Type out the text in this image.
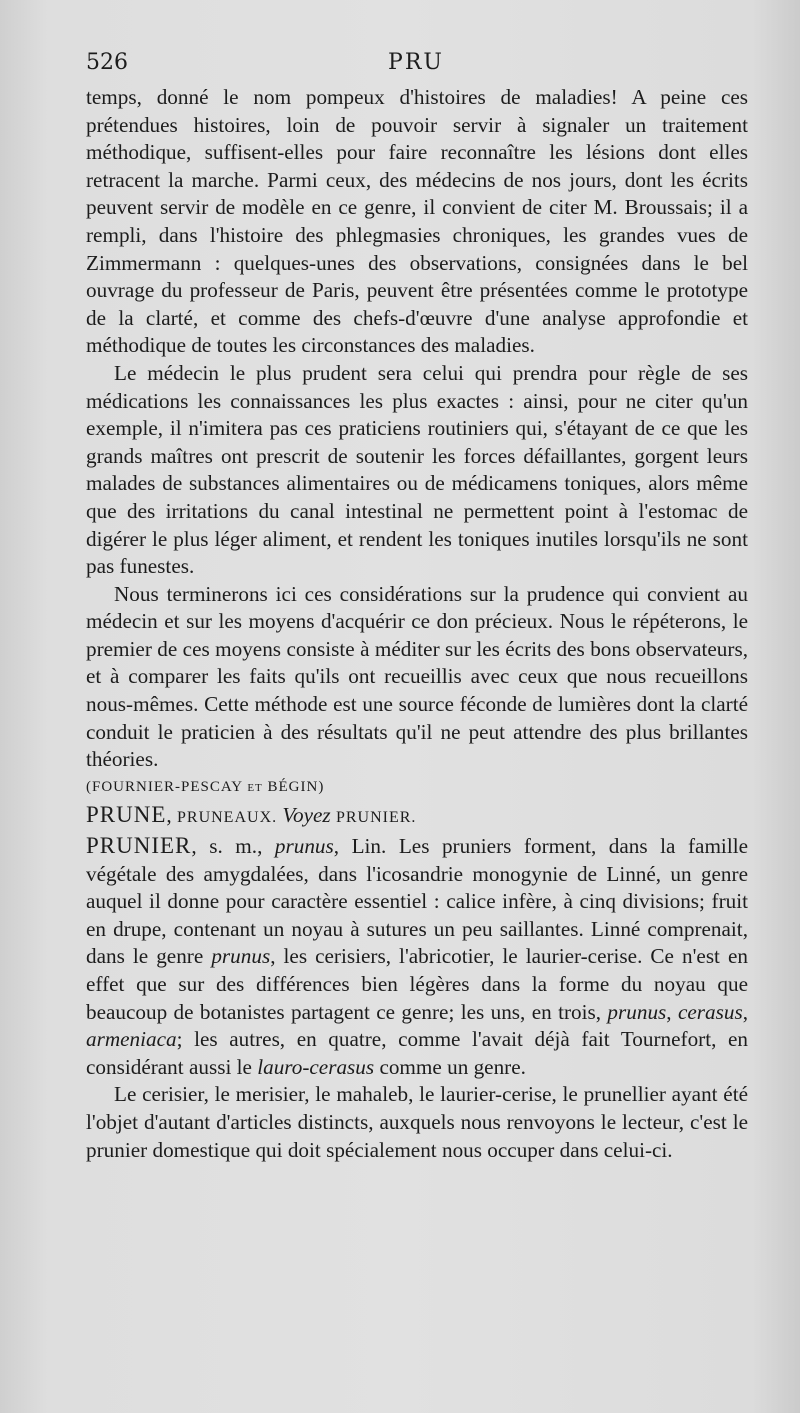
526	PRU

temps, donné le nom pompeux d'histoires de maladies! A peine ces prétendues histoires, loin de pouvoir servir à signaler un traitement méthodique, suffisent-elles pour faire reconnaître les lésions dont elles retracent la marche. Parmi ceux, des médecins de nos jours, dont les écrits peuvent servir de modèle en ce genre, il convient de citer M. Broussais; il a rempli, dans l'histoire des phlegmasies chroniques, les grandes vues de Zimmermann : quelques-unes des observations, consignées dans le bel ouvrage du professeur de Paris, peuvent être présentées comme le prototype de la clarté, et comme des chefs-d'œuvre d'une analyse approfondie et méthodique de toutes les circonstances des maladies.

Le médecin le plus prudent sera celui qui prendra pour règle de ses médications les connaissances les plus exactes : ainsi, pour ne citer qu'un exemple, il n'imitera pas ces praticiens routiniers qui, s'étayant de ce que les grands maîtres ont prescrit de soutenir les forces défaillantes, gorgent leurs malades de substances alimentaires ou de médicamens toniques, alors même que des irritations du canal intestinal ne permettent point à l'estomac de digérer le plus léger aliment, et rendent les toniques inutiles lorsqu'ils ne sont pas funestes.

Nous terminerons ici ces considérations sur la prudence qui convient au médecin et sur les moyens d'acquérir ce don précieux. Nous le répéterons, le premier de ces moyens consiste à méditer sur les écrits des bons observateurs, et à comparer les faits qu'ils ont recueillis avec ceux que nous recueillons nous-mêmes. Cette méthode est une source féconde de lumières dont la clarté conduit le praticien à des résultats qu'il ne peut attendre des plus brillantes théories.

(FOURNIER-PESCAY et BÉGIN)

PRUNE, PRUNEAUX. Voyez PRUNIER.

PRUNIER, s. m., prunus, Lin. Les pruniers forment, dans la famille végétale des amygdalées, dans l'icosandrie monogynie de Linné, un genre auquel il donne pour caractère essentiel : calice infère, à cinq divisions; fruit en drupe, contenant un noyau à sutures un peu saillantes. Linné comprenait, dans le genre prunus, les cerisiers, l'abricotier, le laurier-cerise. Ce n'est en effet que sur des différences bien légères dans la forme du noyau que beaucoup de botanistes partagent ce genre; les uns, en trois, prunus, cerasus, armeniaca; les autres, en quatre, comme l'avait déjà fait Tournefort, en considérant aussi le lauro-cerasus comme un genre.

Le cerisier, le merisier, le mahaleb, le laurier-cerise, le prunellier ayant été l'objet d'autant d'articles distincts, auxquels nous renvoyons le lecteur, c'est le prunier domestique qui doit spécialement nous occuper dans celui-ci.
